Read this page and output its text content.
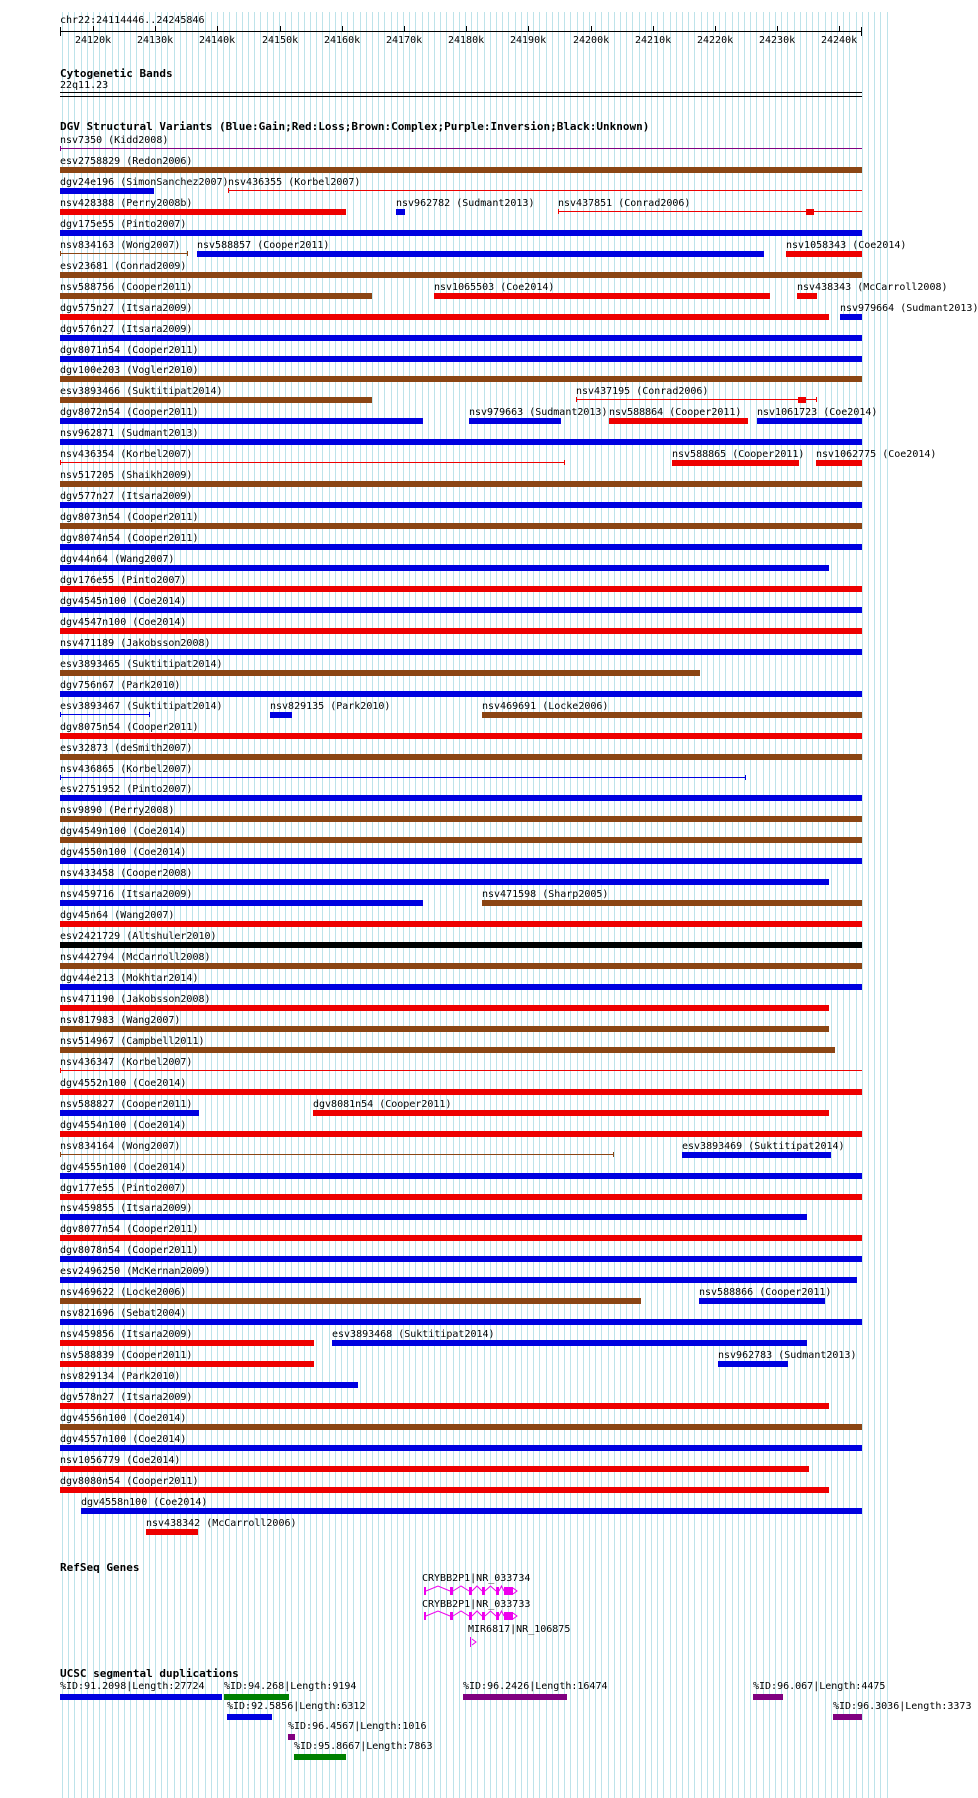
chr22:24114446..24245846
24120k	24130k	24140k	24150k	24160k	24170k	24180k	24190k	24200k	24210k	24220k	24230k	24240k
Cytogenetic Bands
22q11.23
DGV Structural Variants (Blue:Gain;Red:Loss;Brown:Complex;Purple:Inversion;Black:Unknown)
nsv7350 (Kidd2008)
esv2758829 (Redon2006)
dgv24e196 (SimonSanchez2007) nsv436355 (Korbel2007)
nsv428388 (Perry2008b)	nsv962782 (Sudmant2013) nsv437851 (Conrad2006)
dgv175e55 (Pinto2007)
nsv834163 (Wong2007) nsv588857 (Cooper2011)	nsv1058343 (Coe2014)
esv23681 (Conrad2009)
nsv588756 (Cooper2011)	nsv1065503 (Coe2014)	nsv438343 (McCarroll2008)
dgv575n27 (Itsara2009)	nsv979664 (Sudmant2013)
dgv576n27 (Itsara2009)
dgv8071n54 (Cooper2011)
dgv100e203 (Vogler2010)
esv3893466 (Suktitipat2014)	nsv437195 (Conrad2006)
dgv8072n54 (Cooper2011)	nsv979663 (Sudmant2013) nsv588864 (Cooper2011) nsv1061723 (Coe2014)
nsv962871 (Sudmant2013)
nsv436354 (Korbel2007)	nsv588865 (Cooper2011) nsv1062775 (Coe2014)
nsv517205 (Shaikh2009)
dgv577n27 (Itsara2009)
dgv8073n54 (Cooper2011)
dgv8074n54 (Cooper2011)
dgv44n64 (Wang2007)
dgv176e55 (Pinto2007)
dgv4545n100 (Coe2014)
dgv4547n100 (Coe2014)
nsv471189 (Jakobsson2008)
esv3893465 (Suktitipat2014)
dgv756n67 (Park2010)
esv3893467 (Suktitipat2014)	nsv829135 (Park2010)	nsv469691 (Locke2006)
dgv8075n54 (Cooper2011)
esv32873 (deSmith2007)
nsv436865 (Korbel2007)
esv2751952 (Pinto2007)
nsv9890 (Perry2008)
dgv4549n100 (Coe2014)
dgv4550n100 (Coe2014)
nsv433458 (Cooper2008)
nsv459716 (Itsara2009)	nsv471598 (Sharp2005)
dgv45n64 (Wang2007)
esv2421729 (Altshuler2010)
nsv442794 (McCarroll2008)
dgv44e213 (Mokhtar2014)
nsv471190 (Jakobsson2008)
nsv817983 (Wang2007)
nsv514967 (Campbell2011)
nsv436347 (Korbel2007)
dgv4552n100 (Coe2014)
nsv588827 (Cooper2011)	dgv8081n54 (Cooper2011)
dgv4554n100 (Coe2014)
nsv834164 (Wong2007)	esv3893469 (Suktitipat2014)
dgv4555n100 (Coe2014)
dgv177e55 (Pinto2007)
nsv459855 (Itsara2009)
dgv8077n54 (Cooper2011)
dgv8078n54 (Cooper2011)
esv2496250 (McKernan2009)
nsv469622 (Locke2006)	nsv588866 (Cooper2011)
nsv821696 (Sebat2004)
nsv459856 (Itsara2009)	esv3893468 (Suktitipat2014)
nsv588839 (Cooper2011)	nsv962783 (Sudmant2013)
nsv829134 (Park2010)
dgv578n27 (Itsara2009)
dgv4556n100 (Coe2014)
dgv4557n100 (Coe2014)
nsv1056779 (Coe2014)
dgv8080n54 (Cooper2011)
dgv4558n100 (Coe2014)
nsv438342 (McCarroll2006)
RefSeq Genes
CRYBB2P1|NR_033734
CRYBB2P1|NR_033733
MIR6817|NR_106875
UCSC segmental duplications
%ID:91.2098|Length:27724 %ID:94.268|Length:9194	%ID:96.2426|Length:16474	%ID:96.067|Length:4475
%ID:92.5856|Length:6312	%ID:96.3036|Length:3373
%ID:96.4567|Length:1016
%ID:95.8667|Length:7863
